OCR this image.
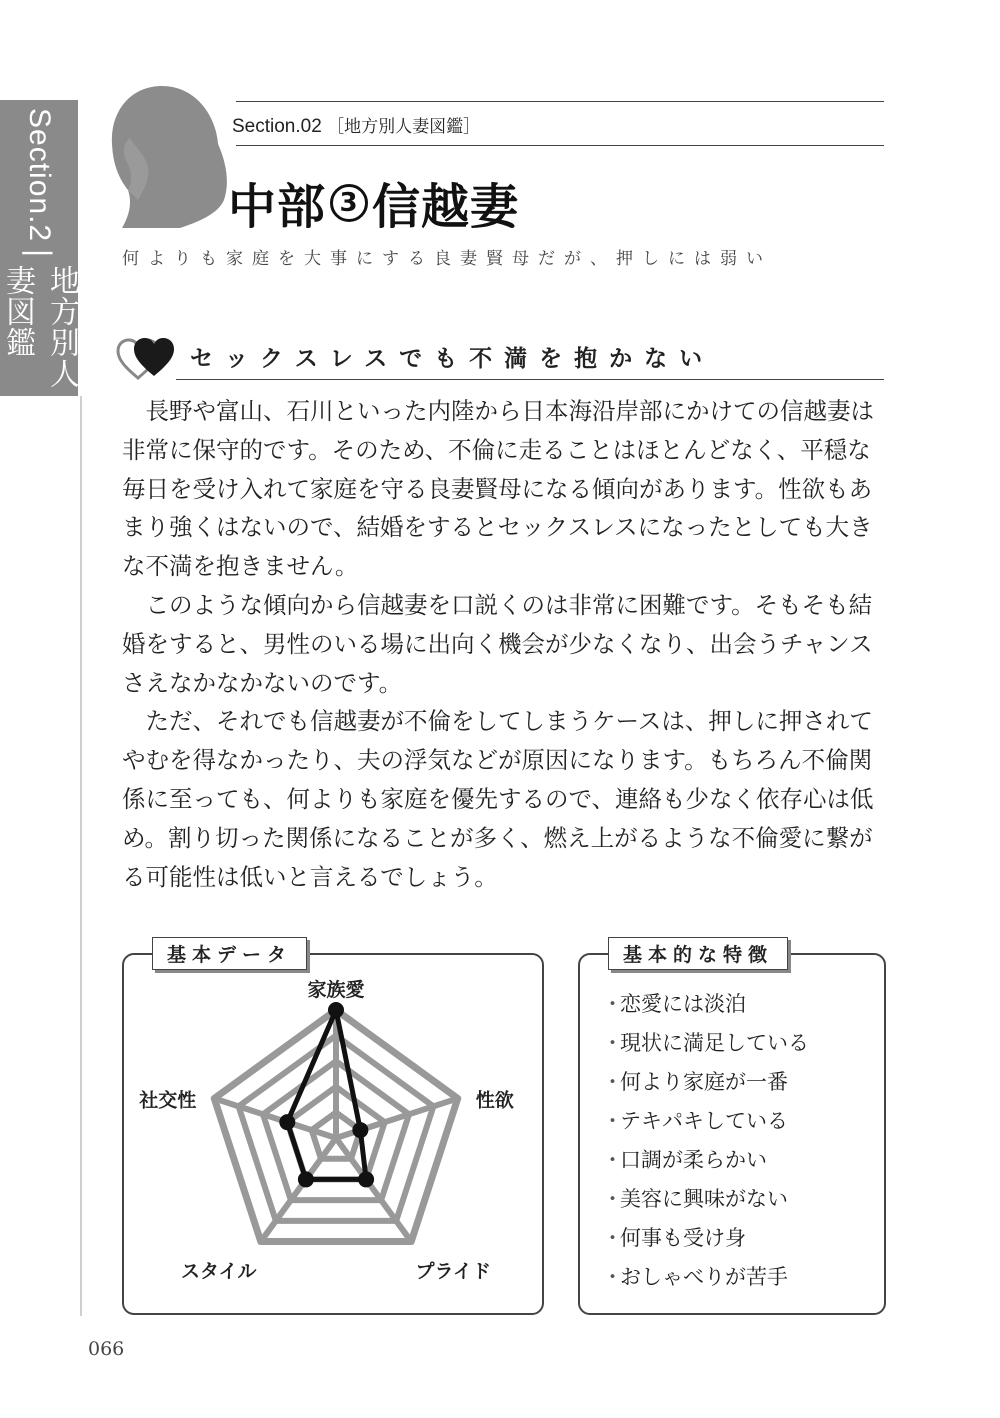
Section.2
|
地方別人妻図鑑
Section.02 ［地方別人妻図鑑］
中部 3 信越妻
何よりも家庭を大事にする良妻賢母だが、押しには弱い
セックスレスでも不満を抱かない

　長野や富山、石川といった内陸から日本海沿岸部にかけての信越妻は
非常に保守的です。そのため、不倫に走ることはほとんどなく、平穏な
毎日を受け入れて家庭を守る良妻賢母になる傾向があります。性欲もあ
まり強くはないので、結婚をするとセックスレスになったとしても大き
な不満を抱きません。

　このような傾向から信越妻を口説くのは非常に困難です。そもそも結
婚をすると、男性のいる場に出向く機会が少なくなり、出会うチャンス
さえなかなかないのです。

　ただ、それでも信越妻が不倫をしてしまうケースは、押しに押されて
やむを得なかったり、夫の浮気などが原因になります。もちろん不倫関
係に至っても、何よりも家庭を優先するので、連絡も少なく依存心は低
め。割り切った関係になることが多く、燃え上がるような不倫愛に繋が
る可能性は低いと言えるでしょう。

基本データ
家族愛
性欲
プライド
スタイル
社交性
基本的な特徴
・恋愛には淡泊
・現状に満足している
・何より家庭が一番
・テキパキしている
・口調が柔らかい
・美容に興味がない
・何事も受け身
・おしゃべりが苦手
066
